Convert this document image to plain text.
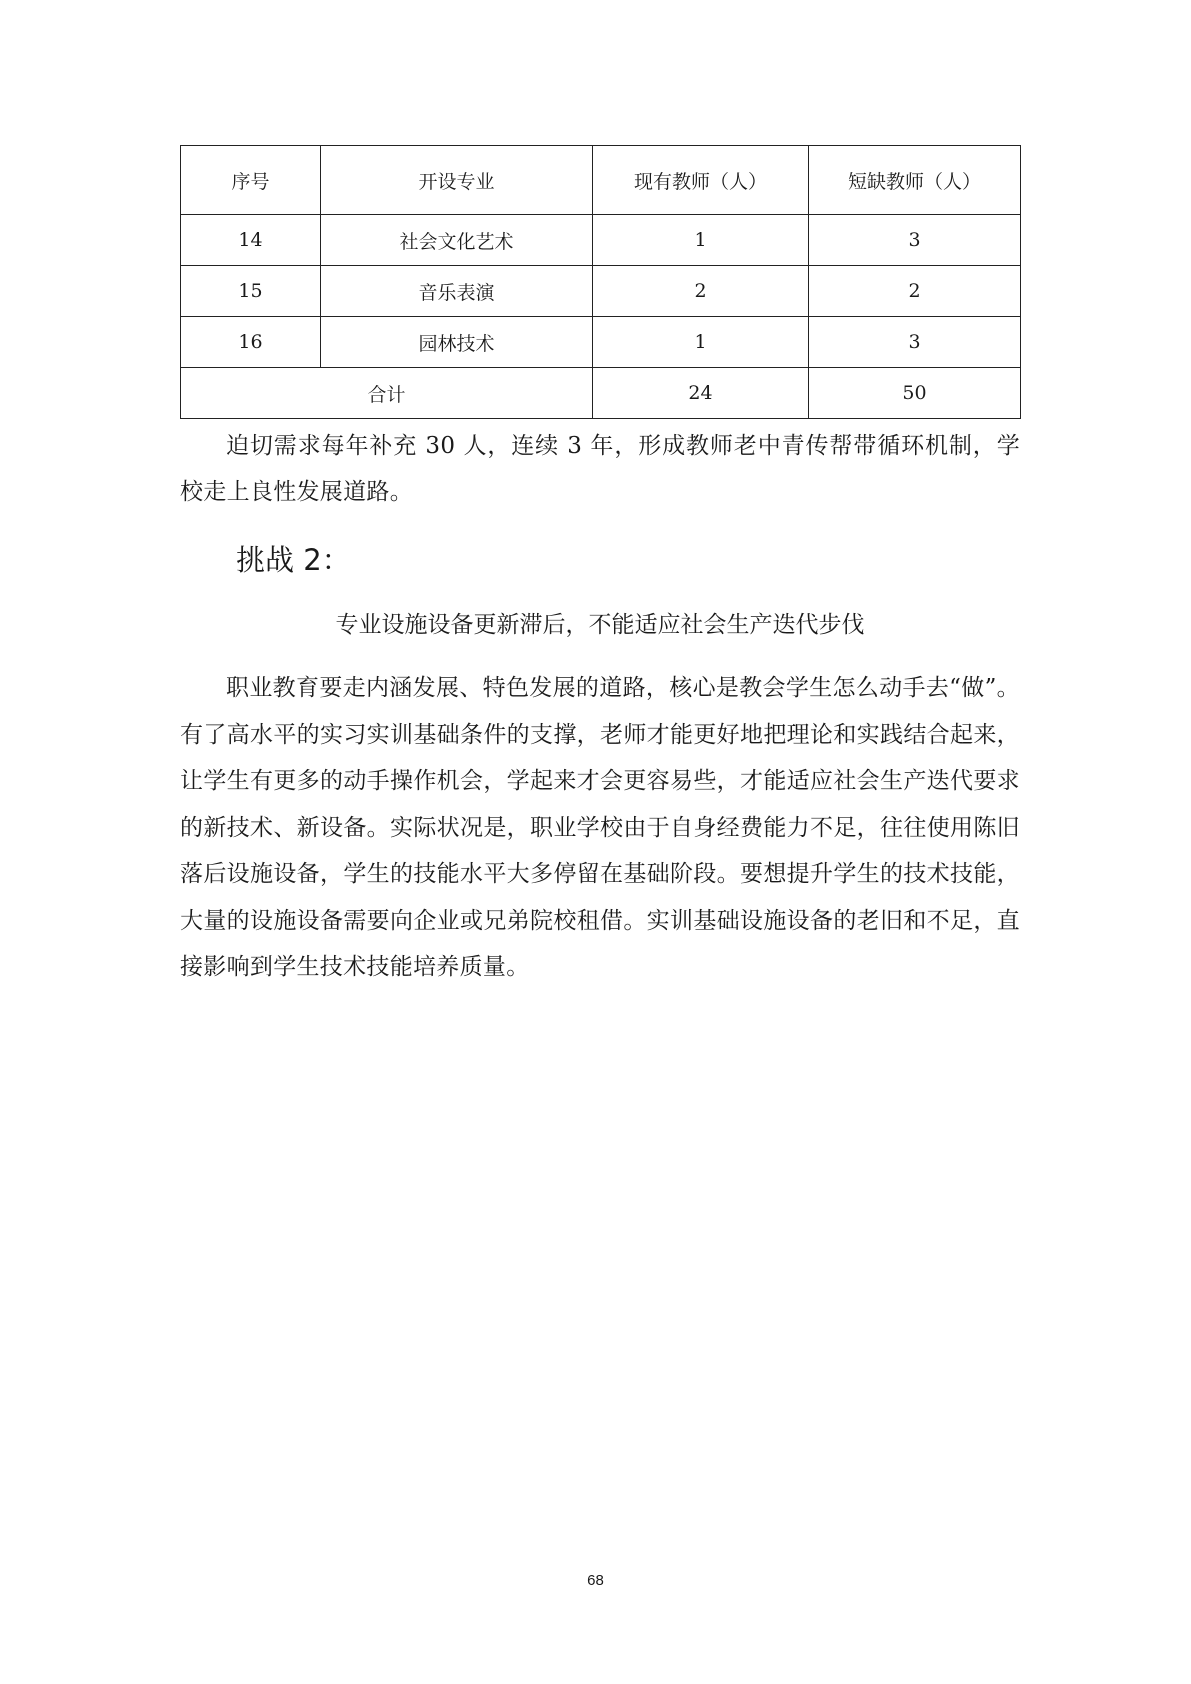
序号	开设专业	现有教师（人）	短缺教师（人）
14	社会文化艺术	1	3
15	音乐表演	2	2
16	园林技术	1	3
合计		24	50

迫切需求每年补充 30 人，连续 3 年，形成教师老中青传帮带循环机制，学校走上良性发展道路。

挑战 2：
专业设施设备更新滞后，不能适应社会生产迭代步伐

职业教育要走内涵发展、特色发展的道路，核心是教会学生怎么动手去“做”。有了高水平的实习实训基础条件的支撑，老师才能更好地把理论和实践结合起来，让学生有更多的动手操作机会，学起来才会更容易些，才能适应社会生产迭代要求的新技术、新设备。实际状况是，职业学校由于自身经费能力不足，往往使用陈旧落后设施设备，学生的技能水平大多停留在基础阶段。要想提升学生的技术技能，大量的设施设备需要向企业或兄弟院校租借。实训基础设施设备的老旧和不足，直接影响到学生技术技能培养质量。

68
